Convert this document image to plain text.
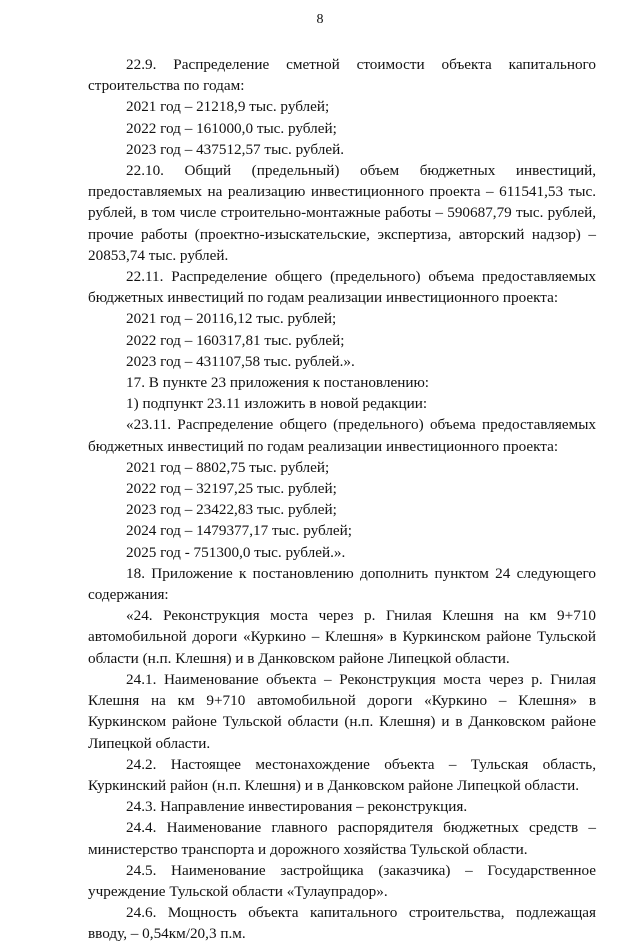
8
22.9. Распределение сметной стоимости объекта капитального строительства по годам:
2021 год – 21218,9 тыс. рублей;
2022 год – 161000,0 тыс. рублей;
2023 год – 437512,57 тыс. рублей.
22.10. Общий (предельный) объем бюджетных инвестиций, предоставляемых на реализацию инвестиционного проекта – 611541,53 тыс. рублей, в том числе строительно-монтажные работы – 590687,79 тыс. рублей, прочие работы (проектно-изыскательские, экспертиза, авторский надзор) – 20853,74 тыс. рублей.
22.11. Распределение общего (предельного) объема предоставляемых бюджетных инвестиций по годам реализации инвестиционного проекта:
2021 год – 20116,12 тыс. рублей;
2022 год – 160317,81 тыс. рублей;
2023 год – 431107,58 тыс. рублей.».
17. В пункте 23 приложения к постановлению:
1) подпункт 23.11 изложить в новой редакции:
«23.11. Распределение общего (предельного) объема предоставляемых бюджетных инвестиций по годам реализации инвестиционного проекта:
2021 год – 8802,75 тыс. рублей;
2022 год – 32197,25 тыс. рублей;
2023 год – 23422,83 тыс. рублей;
2024 год – 1479377,17 тыс. рублей;
2025 год - 751300,0 тыс. рублей.».
18. Приложение к постановлению дополнить пунктом 24 следующего содержания:
«24. Реконструкция моста через р. Гнилая Клешня на км 9+710 автомобильной дороги «Куркино – Клешня» в Куркинском районе Тульской области (н.п. Клешня) и в Данковском районе Липецкой области.
24.1. Наименование объекта – Реконструкция моста через р. Гнилая Клешня на км 9+710 автомобильной дороги «Куркино – Клешня» в Куркинском районе Тульской области (н.п. Клешня) и в Данковском районе Липецкой области.
24.2. Настоящее местонахождение объекта – Тульская область, Куркинский район (н.п. Клешня) и в Данковском районе Липецкой области.
24.3. Направление инвестирования – реконструкция.
24.4. Наименование главного распорядителя бюджетных средств – министерство транспорта и дорожного хозяйства Тульской области.
24.5. Наименование застройщика (заказчика) – Государственное учреждение Тульской области «Тулаупрадор».
24.6. Мощность объекта капитального строительства, подлежащая вводу, – 0,54км/20,3 п.м.
